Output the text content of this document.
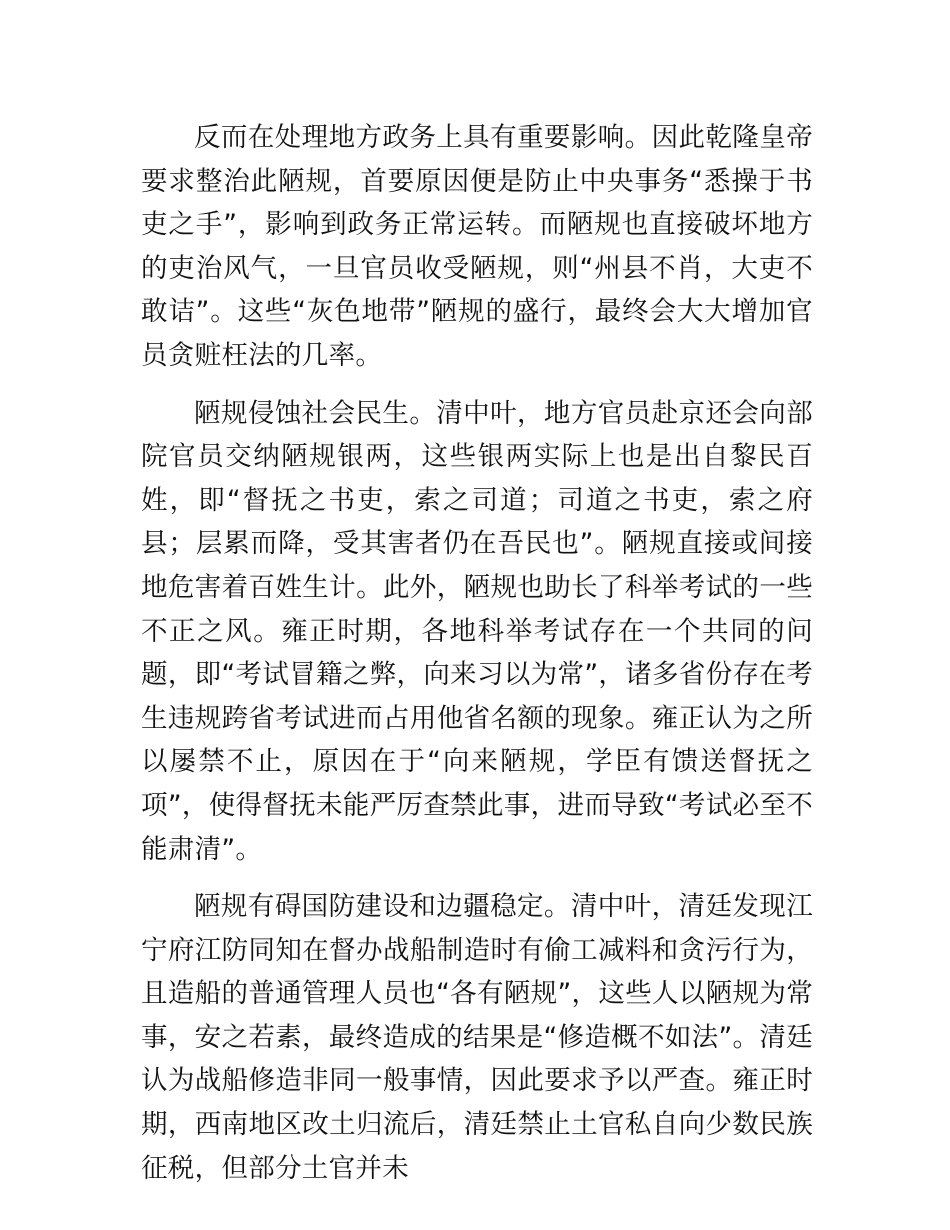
反而在处理地方政务上具有重要影响。因此乾隆皇帝要求整治此陋规，首要原因便是防止中央事务“悉操于书吏之手”，影响到政务正常运转。而陋规也直接破坏地方的吏治风气，一旦官员收受陋规，则“州县不肖，大吏不敢诘”。这些“灰色地带”陋规的盛行，最终会大大增加官员贪赃枉法的几率。

陋规侵蚀社会民生。清中叶，地方官员赴京还会向部院官员交纳陋规银两，这些银两实际上也是出自黎民百姓，即“督抚之书吏，索之司道；司道之书吏，索之府县；层累而降，受其害者仍在吾民也”。陋规直接或间接地危害着百姓生计。此外，陋规也助长了科举考试的一些不正之风。雍正时期，各地科举考试存在一个共同的问题，即“考试冒籍之弊，向来习以为常”，诸多省份存在考生违规跨省考试进而占用他省名额的现象。雍正认为之所以屡禁不止，原因在于“向来陋规，学臣有馈送督抚之项”，使得督抚未能严厉查禁此事，进而导致“考试必至不能肃清”。

陋规有碍国防建设和边疆稳定。清中叶，清廷发现江宁府江防同知在督办战船制造时有偷工减料和贪污行为，且造船的普通管理人员也“各有陋规”，这些人以陋规为常事，安之若素，最终造成的结果是“修造概不如法”。清廷认为战船修造非同一般事情，因此要求予以严查。雍正时期，西南地区改土归流后，清廷禁止土官私自向少数民族征税，但部分土官并未
